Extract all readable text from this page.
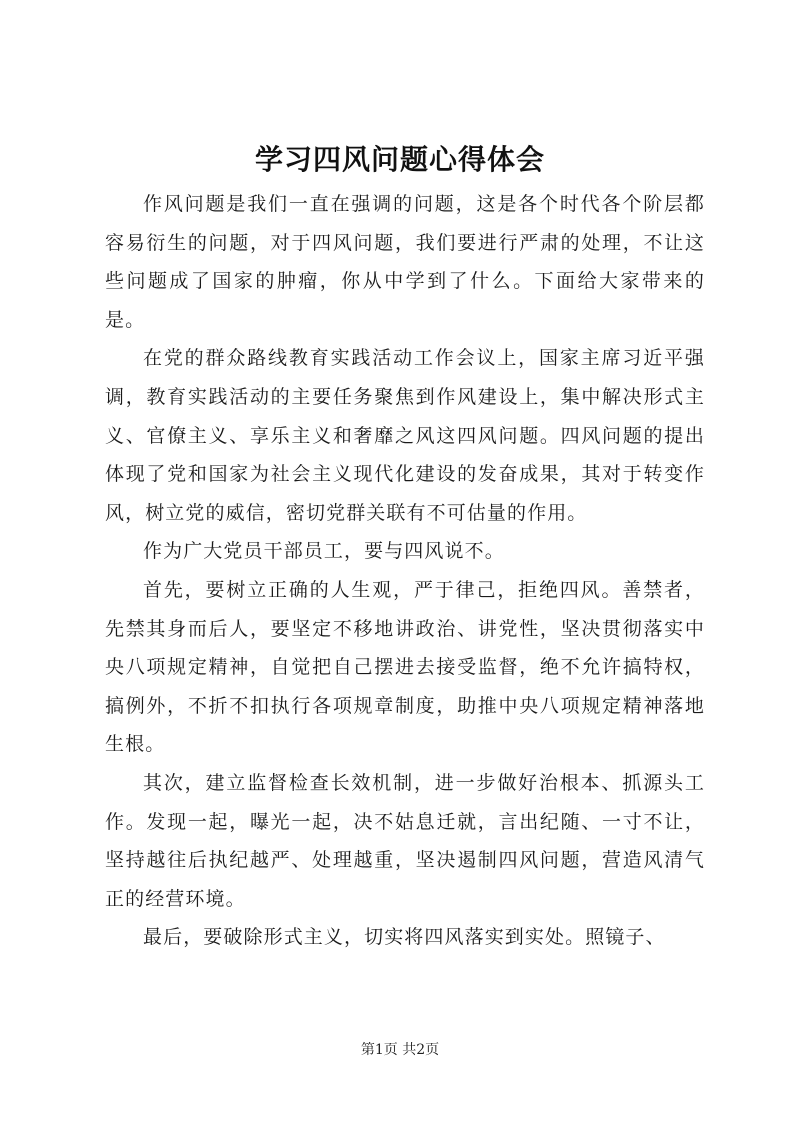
学习四风问题心得体会

作风问题是我们一直在强调的问题，这是各个时代各个阶层都容易衍生的问题，对于四风问题，我们要进行严肃的处理，不让这些问题成了国家的肿瘤，你从中学到了什么。下面给大家带来的是。

在党的群众路线教育实践活动工作会议上，国家主席习近平强调，教育实践活动的主要任务聚焦到作风建设上，集中解决形式主义、官僚主义、享乐主义和奢靡之风这四风问题。四风问题的提出体现了党和国家为社会主义现代化建设的发奋成果，其对于转变作风，树立党的威信，密切党群关联有不可估量的作用。

作为广大党员干部员工，要与四风说不。

首先，要树立正确的人生观，严于律己，拒绝四风。善禁者，先禁其身而后人，要坚定不移地讲政治、讲党性，坚决贯彻落实中央八项规定精神，自觉把自己摆进去接受监督，绝不允许搞特权，搞例外，不折不扣执行各项规章制度，助推中央八项规定精神落地生根。

其次，建立监督检查长效机制，进一步做好治根本、抓源头工作。发现一起，曝光一起，决不姑息迁就，言出纪随、一寸不让，坚持越往后执纪越严、处理越重，坚决遏制四风问题，营造风清气正的经营环境。

最后，要破除形式主义，切实将四风落实到实处。照镜子、

第1页 共2页
